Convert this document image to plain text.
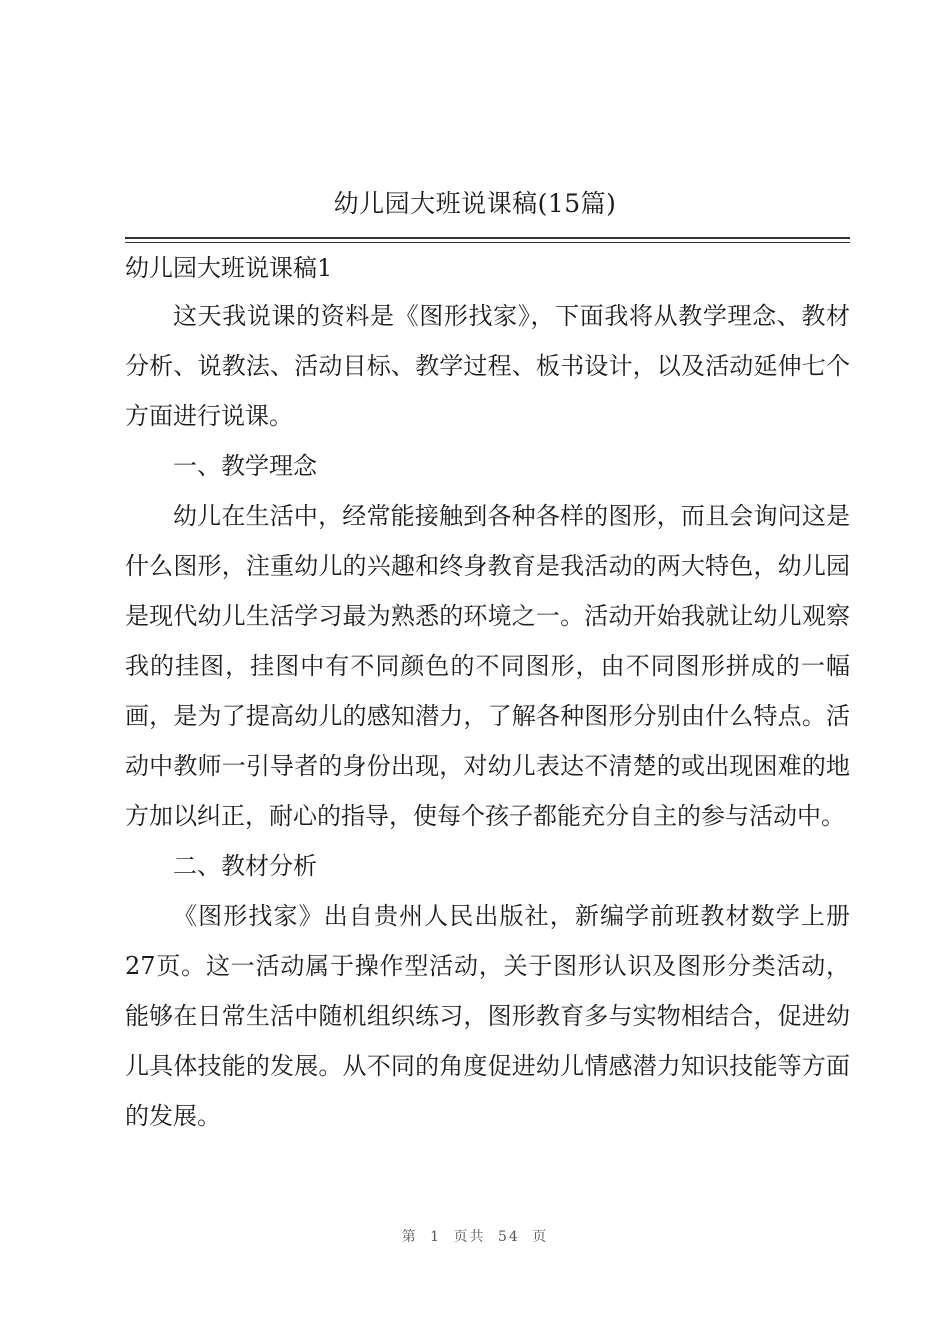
幼儿园大班说课稿(15篇)
幼儿园大班说课稿1

这天我说课的资料是《图形找家》，下面我将从教学理念、教材分析、说教法、活动目标、教学过程、板书设计，以及活动延伸七个方面进行说课。

一、教学理念

幼儿在生活中，经常能接触到各种各样的图形，而且会询问这是什么图形，注重幼儿的兴趣和终身教育是我活动的两大特色，幼儿园是现代幼儿生活学习最为熟悉的环境之一。活动开始我就让幼儿观察我的挂图，挂图中有不同颜色的不同图形，由不同图形拼成的一幅画，是为了提高幼儿的感知潜力，了解各种图形分别由什么特点。活动中教师一引导者的身份出现，对幼儿表达不清楚的或出现困难的地方加以纠正，耐心的指导，使每个孩子都能充分自主的参与活动中。

二、教材分析

《图形找家》出自贵州人民出版社，新编学前班教材数学上册27页。这一活动属于操作型活动，关于图形认识及图形分类活动，能够在日常生活中随机组织练习，图形教育多与实物相结合，促进幼儿具体技能的发展。从不同的角度促进幼儿情感潜力知识技能等方面的发展。

第 1 页共 54 页
